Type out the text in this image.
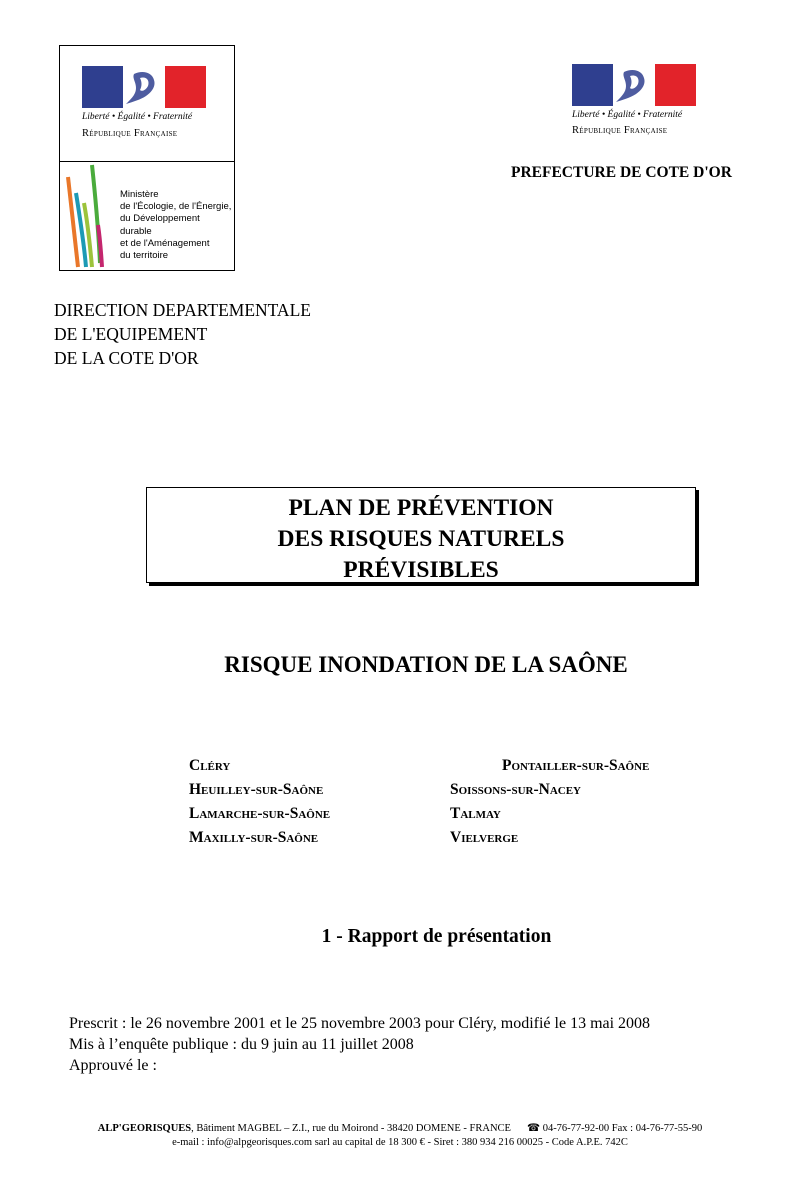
Liberté • Égalité • Fraternité
République Française
Ministère
de l'Écologie, de l'Énergie,
du Développement durable
et de l'Aménagement
du territoire
Liberté • Égalité • Fraternité
République Française
PREFECTURE DE COTE D'OR
DIRECTION DEPARTEMENTALE
DE L'EQUIPEMENT
DE LA COTE D'OR
PLAN DE PRÉVENTION
DES RISQUES NATURELS
PRÉVISIBLES
RISQUE INONDATION DE LA SAÔNE
Cléry
Heuilley-sur-Saône
Lamarche-sur-Saône
Maxilly-sur-Saône
Pontailler-sur-Saône
Soissons-sur-Nacey
Talmay
Vielverge
1 - Rapport de présentation
Prescrit : le 26 novembre 2001 et le 25 novembre 2003 pour Cléry, modifié le 13 mai 2008
Mis à l’enquête publique : du 9 juin au 11 juillet 2008
Approuvé le :
ALP'GEORISQUES, Bâtiment MAGBEL – Z.I., rue du Moirond - 38420 DOMENE - FRANCE ☎ 04-76-77-92-00 Fax : 04-76-77-55-90
e-mail : info@alpgeorisques.com sarl au capital de 18 300 € - Siret : 380 934 216 00025 - Code A.P.E. 742C
